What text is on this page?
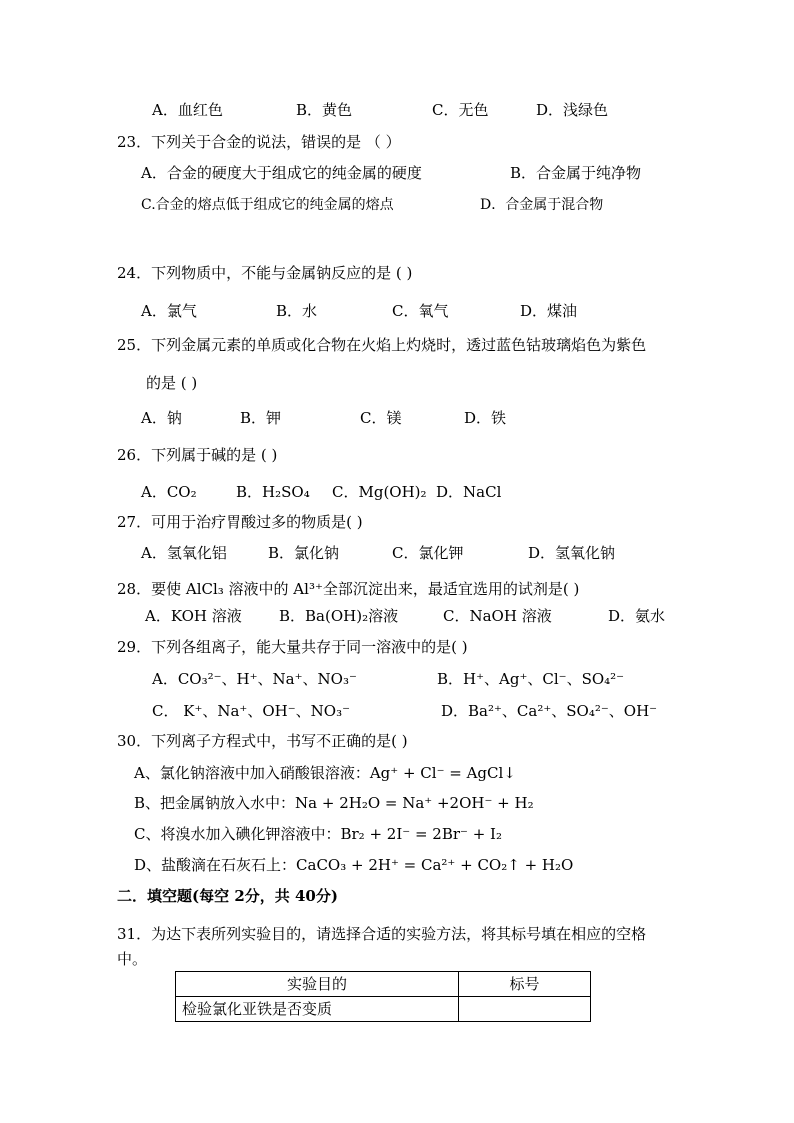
A．血红色	B．黄色	C．无色	D．浅绿色
23．下列关于合金的说法，错误的是 （ ）
A．合金的硬度大于组成它的纯金属的硬度	B．合金属于纯净物
C.合金的熔点低于组成它的纯金属的熔点	D．合金属于混合物
24．下列物质中，不能与金属钠反应的是 ( )
A．氯气	B．水	C．氧气	D．煤油
25．下列金属元素的单质或化合物在火焰上灼烧时，透过蓝色钴玻璃焰色为紫色
的是 ( )
A．钠	B．钾	C．镁	D．铁
26．下列属于碱的是 ( )
A．CO₂	B．H₂SO₄ C．Mg(OH)₂ D．NaCl
27．可用于治疗胃酸过多的物质是( )
A．氢氧化铝	B．氯化钠	C．氯化钾	D．氢氧化钠
28．要使 AlCl₃ 溶液中的 Al³⁺全部沉淀出来，最适宜选用的试剂是( )
A．KOH 溶液 B．Ba(OH)₂溶液	C．NaOH 溶液	D．氨水
29．下列各组离子，能大量共存于同一溶液中的是( )
A．CO₃²⁻、H⁺、Na⁺、NO₃⁻	B．H⁺、Ag⁺、Cl⁻、SO₄²⁻
C． K⁺、Na⁺、OH⁻、NO₃⁻	D．Ba²⁺、Ca²⁺、SO₄²⁻、OH⁻
30．下列离子方程式中，书写不正确的是( )
A、氯化钠溶液中加入硝酸银溶液：Ag⁺ + Cl⁻ = AgCl↓
B、把金属钠放入水中：Na + 2H₂O = Na⁺ +2OH⁻ + H₂
C、将溴水加入碘化钾溶液中：Br₂ + 2I⁻ = 2Br⁻ + I₂
D、盐酸滴在石灰石上：CaCO₃ + 2H⁺ = Ca²⁺ + CO₂↑ + H₂O
二．填空题(每空 2分，共 40分)
31．为达下表所列实验目的，请选择合适的实验方法，将其标号填在相应的空格
中。
实验目的	标号
检验氯化亚铁是否变质	
